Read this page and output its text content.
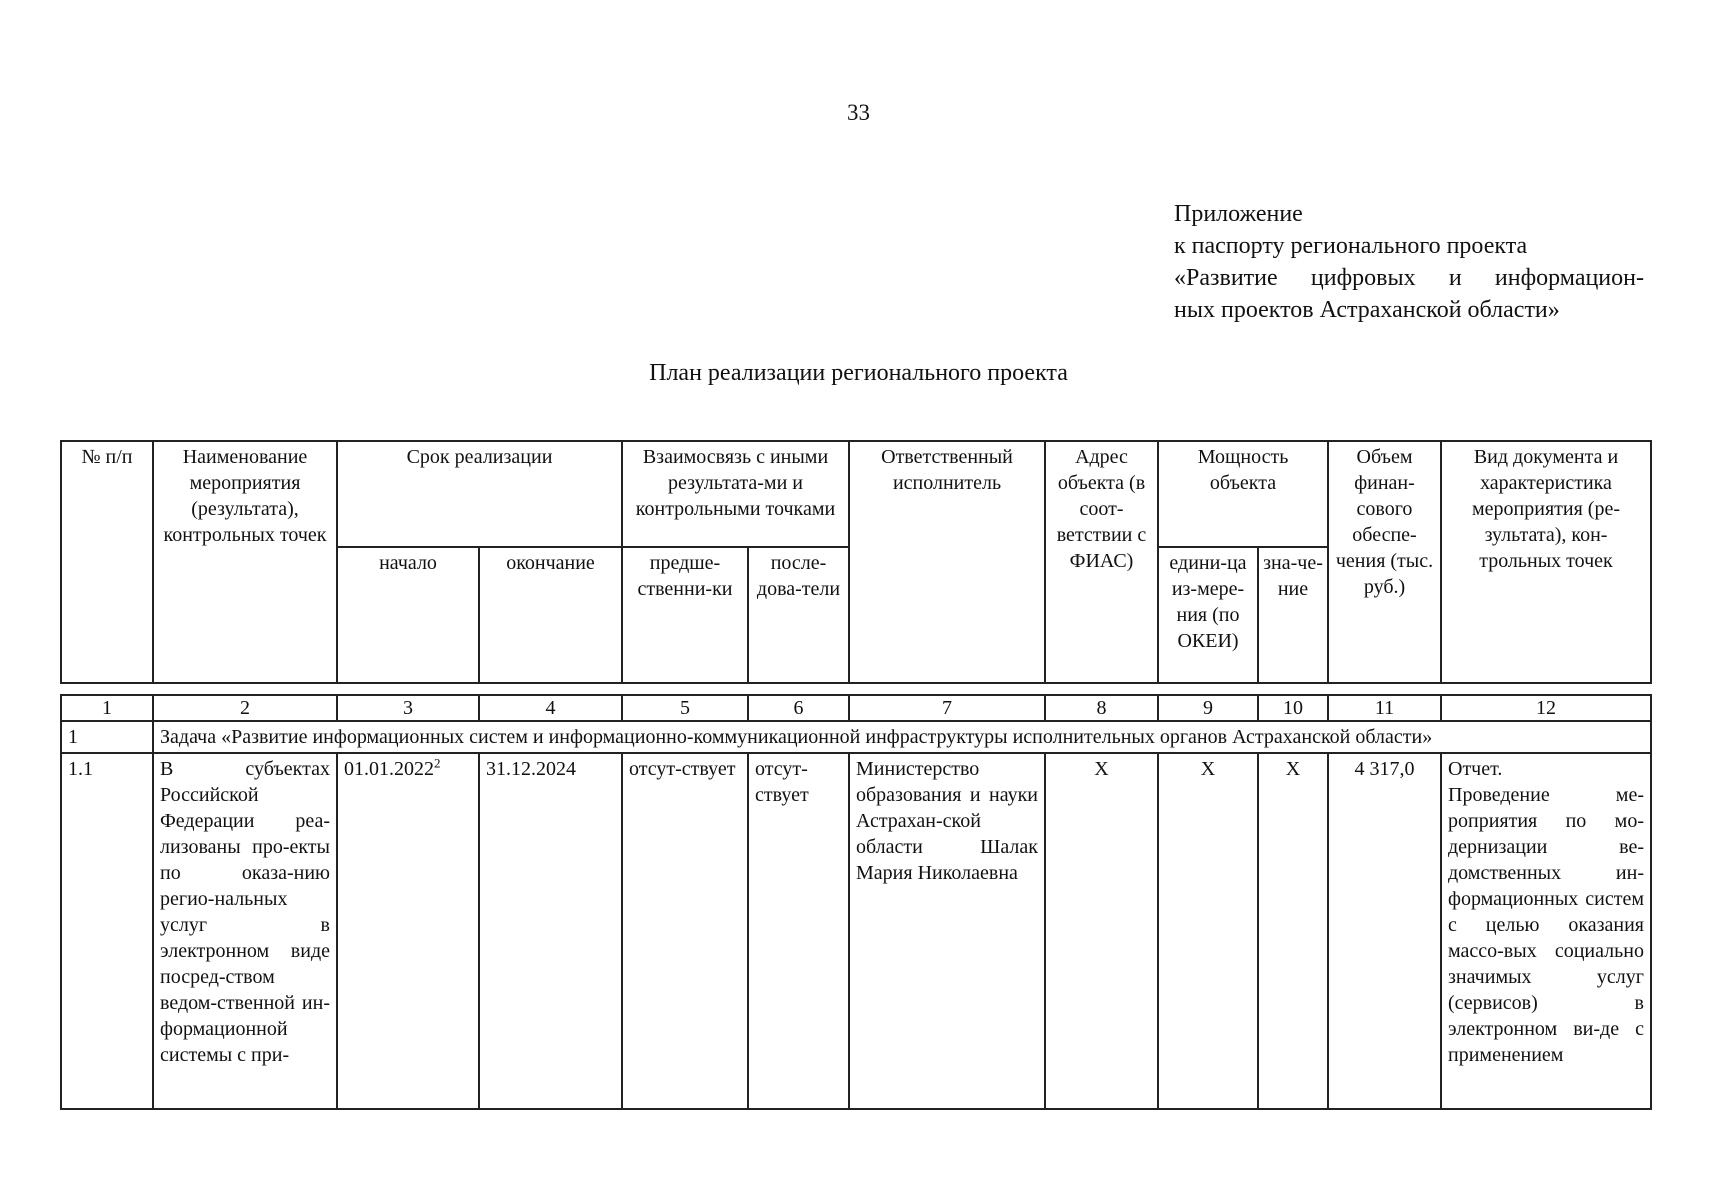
33
Приложение
к паспорту регионального проекта
«Развитие цифровых и информацион-
ных проектов Астраханской области»
План реализации регионального проекта
№ п/п	Наименование мероприятия (результата), контрольных точек	Срок реализации		Взаимосвязь с иными результата-ми и контрольными точками		Ответственный исполнитель	Адрес объекта (в соот-ветствии с ФИАС)	Мощность объекта		Объем финан-сового обеспе-чения (тыс. руб.)	Вид документа и характеристика мероприятия (ре-зультата), кон-трольных точек
		начало	окончание	предше-ственни-ки	после-дова-тели			едини-ца из-мере-ния (по ОКЕИ)	зна-че-ние		
1	2	3	4	5	6	7	8	9	10	11	12
1	Задача «Развитие информационных систем и информационно-коммуникационной инфраструктуры исполнительных органов Астраханской области»										
1.1	В субъектах Российской Федерации реа-лизованы про-екты по оказа-нию регио-нальных услуг в электронном виде посред-ством ведом-ственной ин-формационной системы с при-	01.01.2022$^2$	31.12.2024	отсут-ствует	отсут-ствует	Министерство образования и науки Астрахан-ской области Шалак Мария Николаевна	X	X	X	4 317,0	Отчет.
Проведение ме-роприятия по мо-дернизации ве-домственных ин-формационных систем с целью оказания массо-вых социально значимых услуг (сервисов) в электронном ви-де с применением
